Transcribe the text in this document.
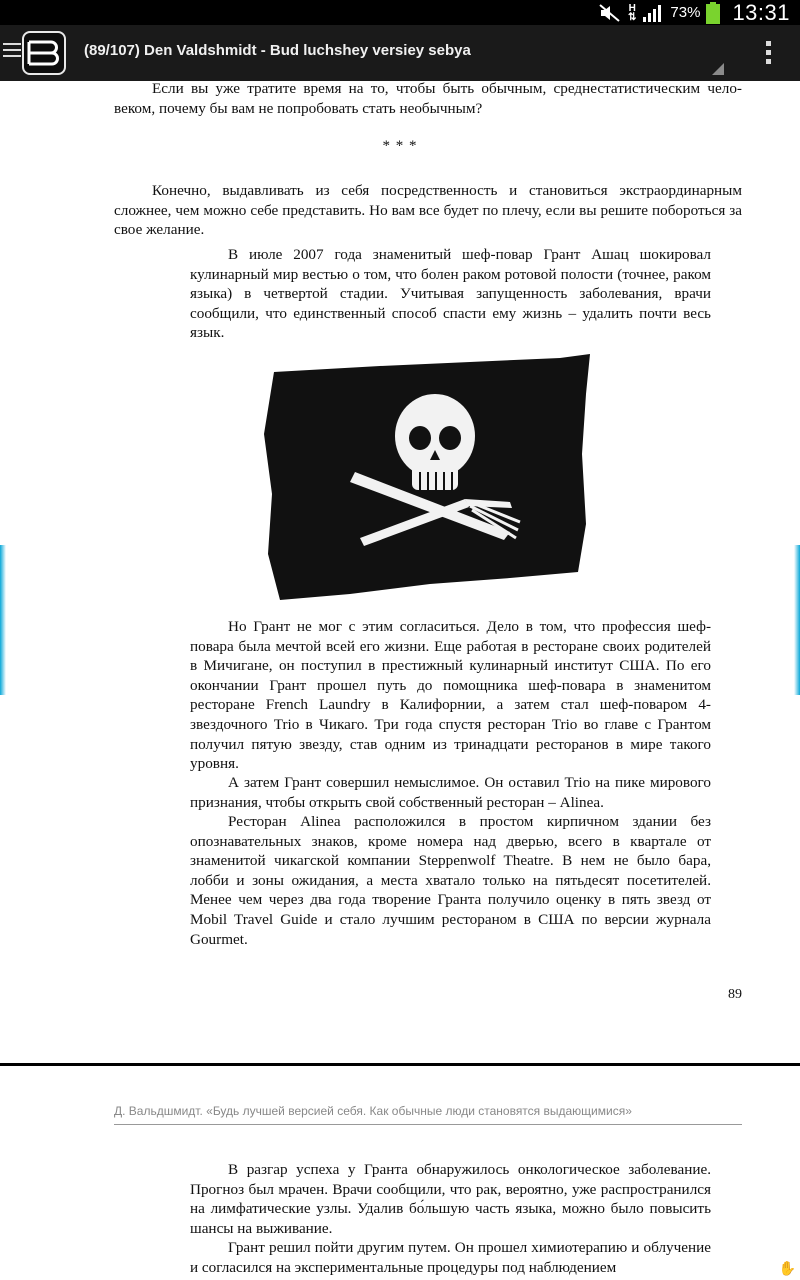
H
⇅ 73% 13:31
(89/107) Den Valdshmidt - Bud luchshey versiey sebya

Если вы уже тратите время на то, чтобы быть обычным, среднестатистическим чело-веком, почему бы вам не попробовать стать необычным?

* * *

Конечно, выдавливать из себя посредственность и становиться экстраординарным сложнее, чем можно себе представить. Но вам все будет по плечу, если вы решите побороться за свое желание.

В июле 2007 года знаменитый шеф-повар Грант Ашац шокировал кулинарный мир вестью о том, что болен раком ротовой полости (точнее, раком языка) в четвертой стадии. Учитывая запущенность заболевания, врачи сообщили, что единственный способ спасти ему жизнь – удалить почти весь язык.

Но Грант не мог с этим согласиться. Дело в том, что профессия шеф-повара была мечтой всей его жизни. Еще работая в ресторане своих родителей в Мичигане, он поступил в престижный кулинарный институт США. По его окончании Грант прошел путь до помощника шеф-повара в знаменитом ресторане French Laundry в Калифорнии, а затем стал шеф-поваром 4-звездочного Trio в Чикаго. Три года спустя ресторан Trio во главе с Грантом получил пятую звезду, став одним из тринадцати ресторанов в мире такого уровня.

А затем Грант совершил немыслимое. Он оставил Trio на пике мирового признания, чтобы открыть свой собственный ресторан – Alinea.

Ресторан Alinea расположился в простом кирпичном здании без опознавательных знаков, кроме номера над дверью, всего в квартале от знаменитой чикагской компании Steppenwolf Theatre. В нем не было бара, лобби и зоны ожидания, а места хватало только на пятьдесят посетителей. Менее чем через два года творение Гранта получило оценку в пять звезд от Mobil Travel Guide и стало лучшим рестораном в США по версии журнала Gourmet.

89
Д. Вальдшмидт. «Будь лучшей версией себя. Как обычные люди становятся выдающимися»

В разгар успеха у Гранта обнаружилось онкологическое заболевание. Прогноз был мрачен. Врачи сообщили, что рак, вероятно, уже распространился на лимфатические узлы. Удалив бо́льшую часть языка, можно было повысить шансы на выживание.

Грант решил пойти другим путем. Он прошел химиотерапию и облучение и согласился на экспериментальные процедуры под наблюдением	✋
